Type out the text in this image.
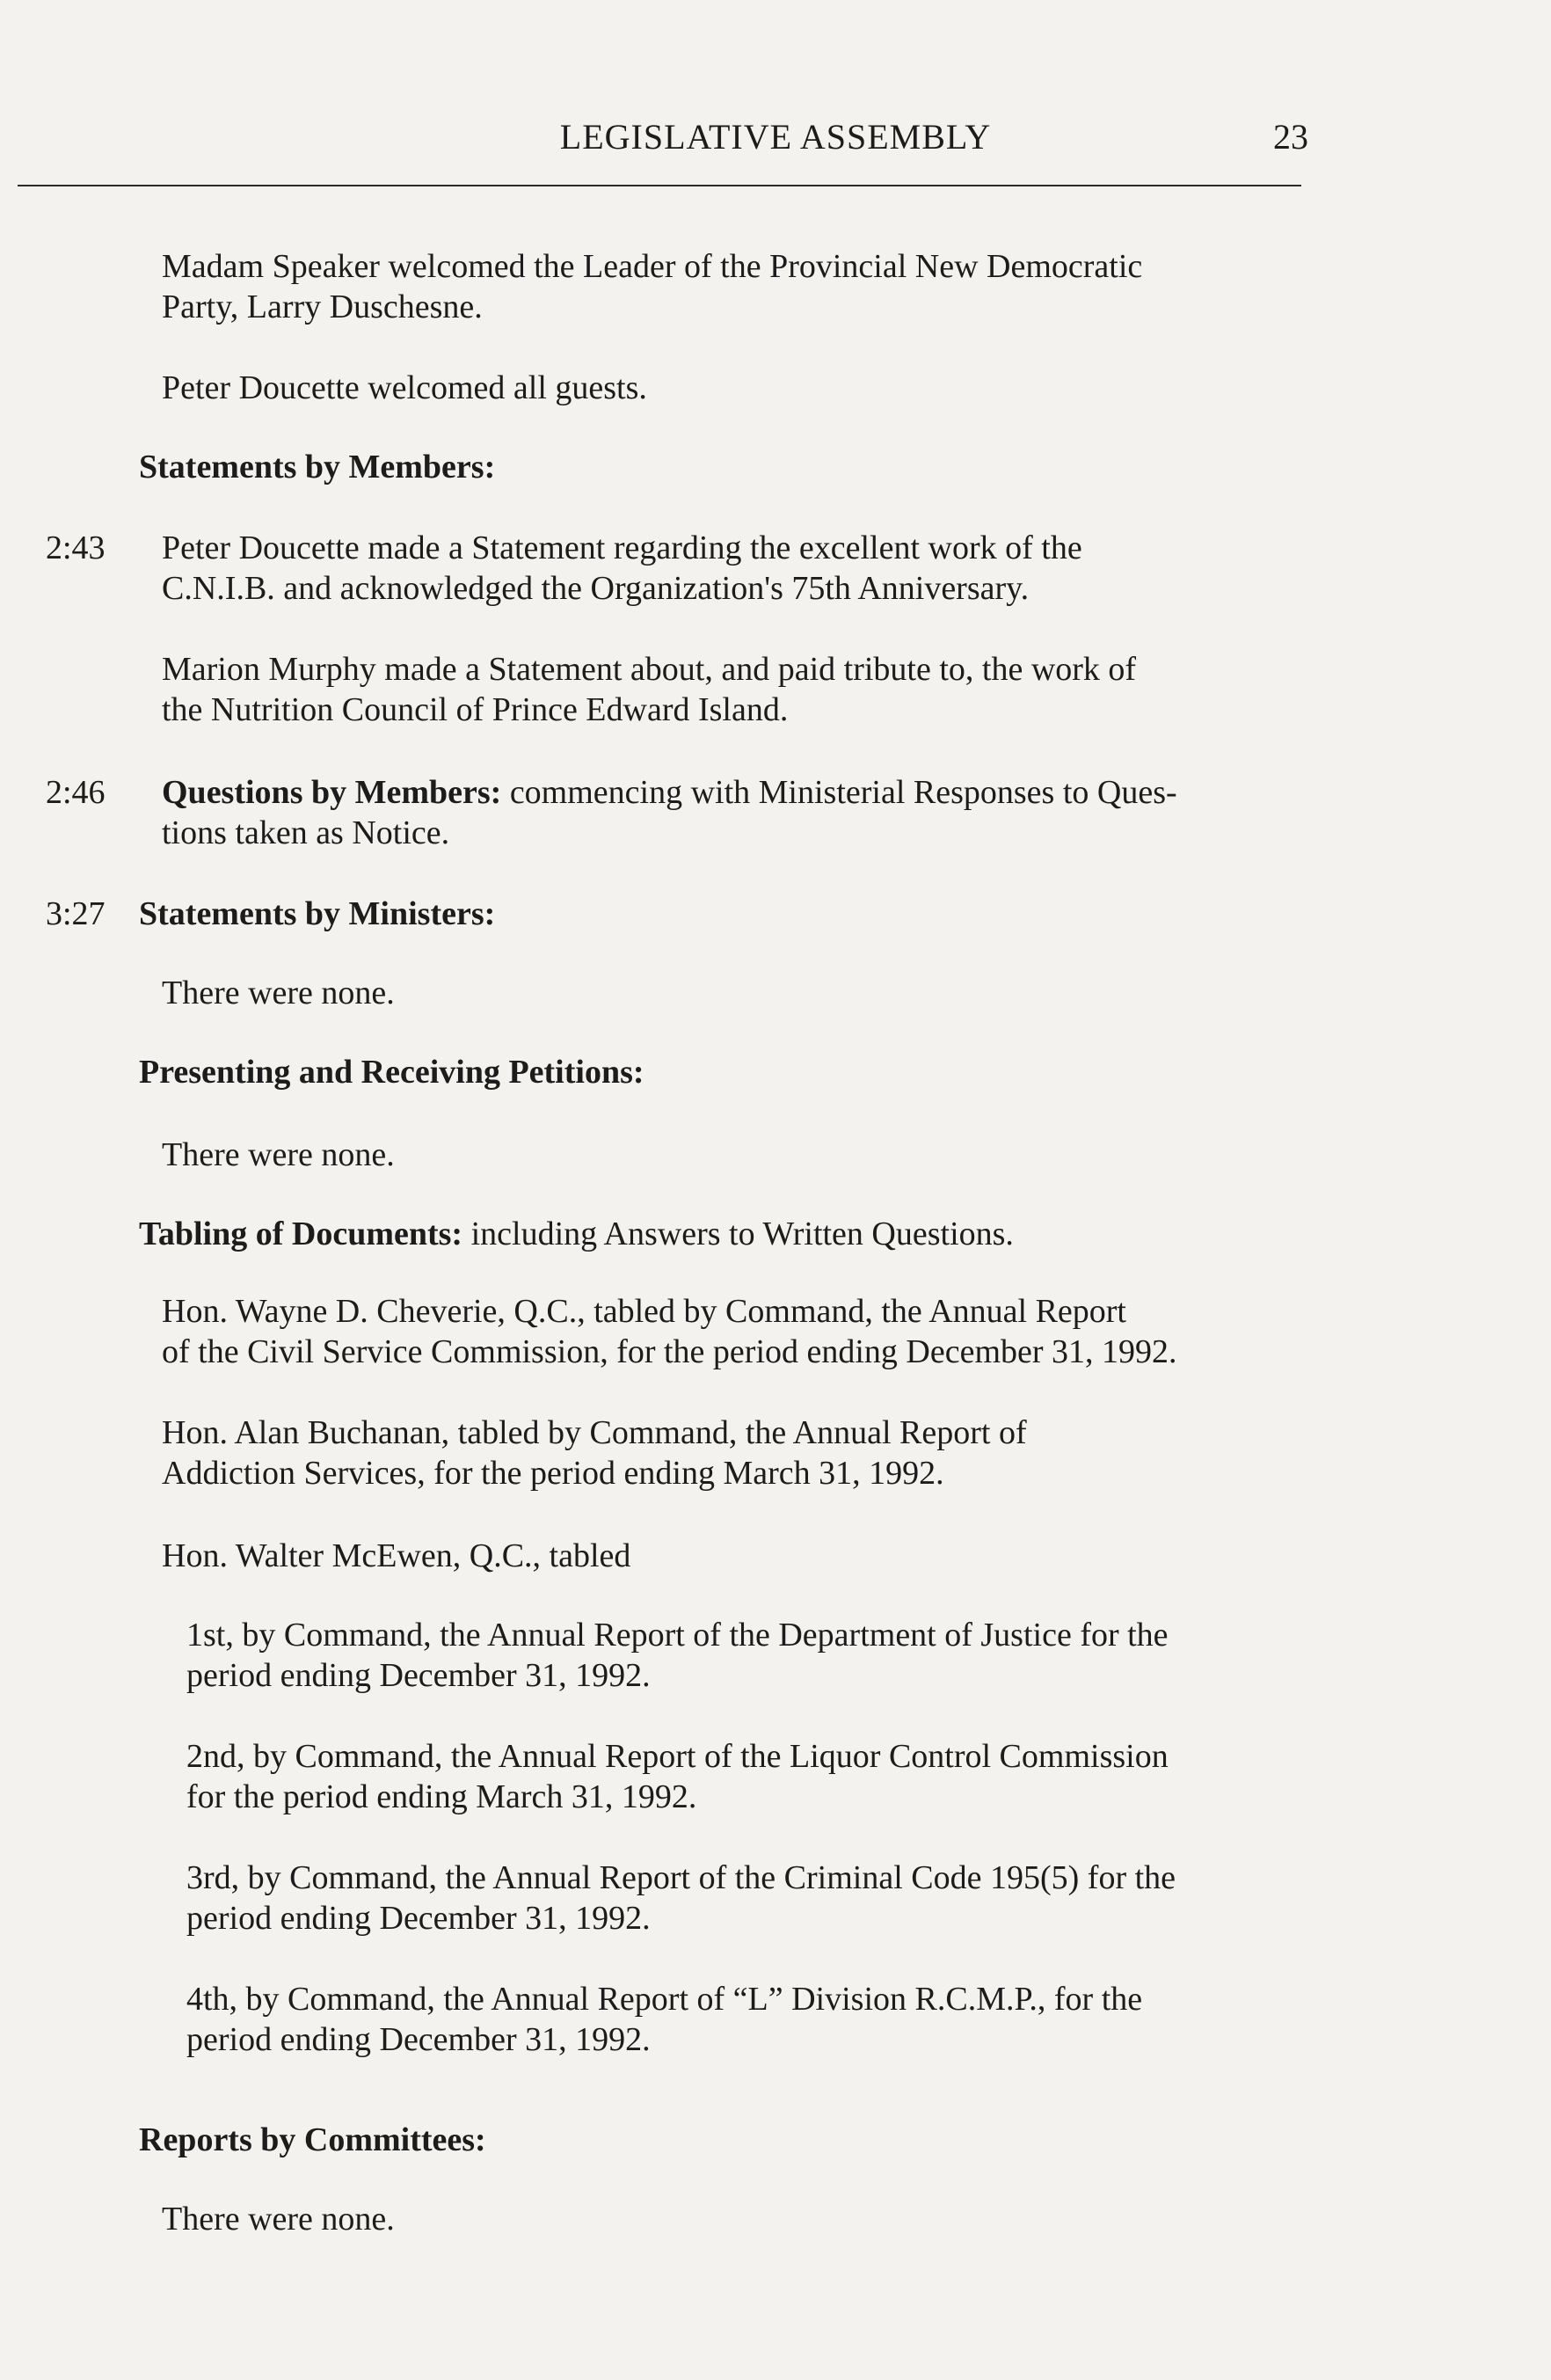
LEGISLATIVE ASSEMBLY	23
Madam Speaker welcomed the Leader of the Provincial New Democratic
Party, Larry Duschesne.
Peter Doucette welcomed all guests.
Statements by Members:
2:43 Peter Doucette made a Statement regarding the excellent work of the
C.N.I.B. and acknowledged the Organization's 75th Anniversary.
Marion Murphy made a Statement about, and paid tribute to, the work of
the Nutrition Council of Prince Edward Island.
2:46 Questions by Members: commencing with Ministerial Responses to Ques-
tions taken as Notice.
3:27 Statements by Ministers:
There were none.
Presenting and Receiving Petitions:
There were none.
Tabling of Documents: including Answers to Written Questions.
Hon. Wayne D. Cheverie, Q.C., tabled by Command, the Annual Report
of the Civil Service Commission, for the period ending December 31, 1992.
Hon. Alan Buchanan, tabled by Command, the Annual Report of
Addiction Services, for the period ending March 31, 1992.
Hon. Walter McEwen, Q.C., tabled
1st, by Command, the Annual Report of the Department of Justice for the
period ending December 31, 1992.
2nd, by Command, the Annual Report of the Liquor Control Commission
for the period ending March 31, 1992.
3rd, by Command, the Annual Report of the Criminal Code 195(5) for the
period ending December 31, 1992.
4th, by Command, the Annual Report of “L” Division R.C.M.P., for the
period ending December 31, 1992.
Reports by Committees:
There were none.
